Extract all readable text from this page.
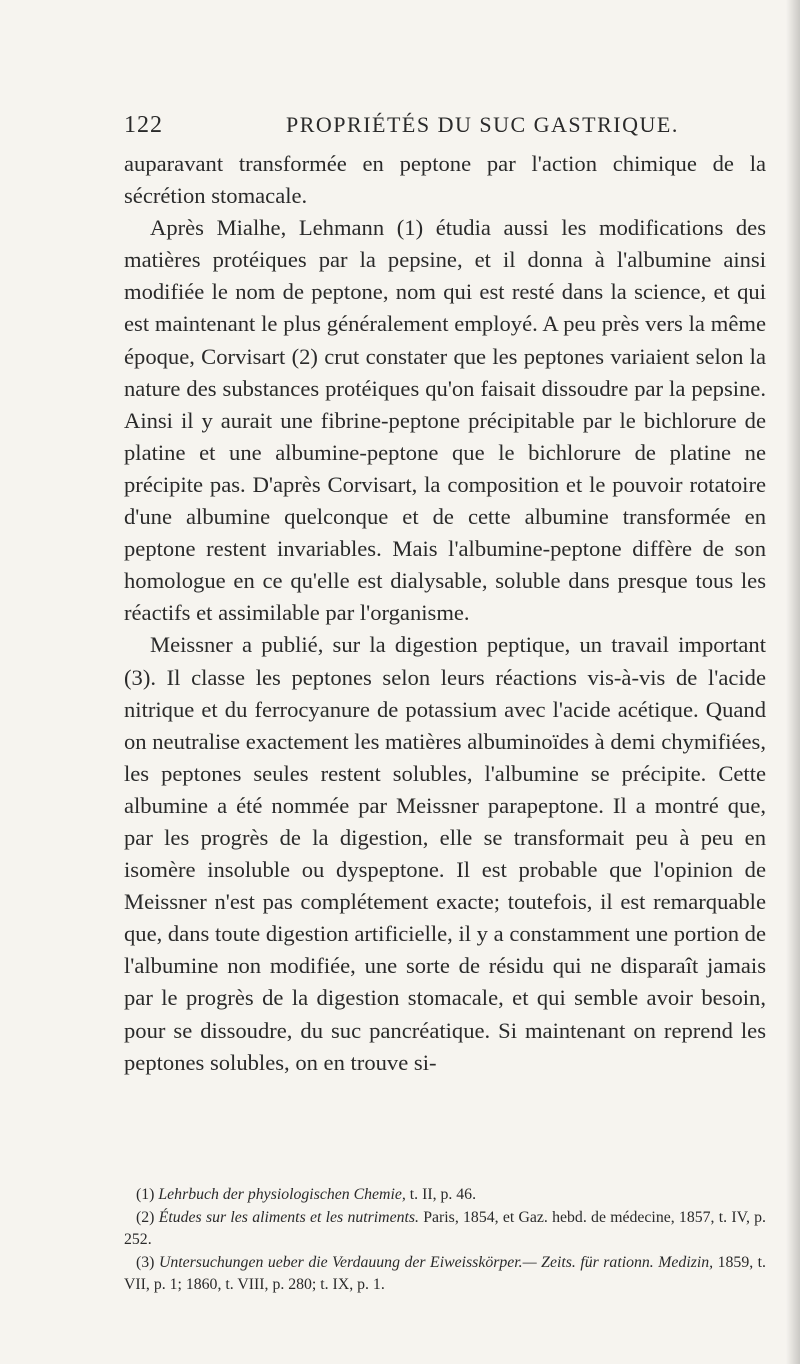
122	PROPRIÉTÉS DU SUC GASTRIQUE.

auparavant transformée en peptone par l'action chimique de la sécrétion stomacale.

Après Mialhe, Lehmann (1) étudia aussi les modifications des matières protéiques par la pepsine, et il donna à l'albumine ainsi modifiée le nom de peptone, nom qui est resté dans la science, et qui est maintenant le plus généralement employé. A peu près vers la même époque, Corvisart (2) crut constater que les peptones variaient selon la nature des substances protéiques qu'on faisait dissoudre par la pepsine. Ainsi il y aurait une fibrine-peptone précipitable par le bichlorure de platine et une albumine-peptone que le bichlorure de platine ne précipite pas. D'après Corvisart, la composition et le pouvoir rotatoire d'une albumine quelconque et de cette albumine transformée en peptone restent invariables. Mais l'albumine-peptone diffère de son homologue en ce qu'elle est dialysable, soluble dans presque tous les réactifs et assimilable par l'organisme.

Meissner a publié, sur la digestion peptique, un travail important (3). Il classe les peptones selon leurs réactions vis-à-vis de l'acide nitrique et du ferrocyanure de potassium avec l'acide acétique. Quand on neutralise exactement les matières albuminoïdes à demi chymifiées, les peptones seules restent solubles, l'albumine se précipite. Cette albumine a été nommée par Meissner parapeptone. Il a montré que, par les progrès de la digestion, elle se transformait peu à peu en isomère insoluble ou dyspeptone. Il est probable que l'opinion de Meissner n'est pas complétement exacte; toutefois, il est remarquable que, dans toute digestion artificielle, il y a constamment une portion de l'albumine non modifiée, une sorte de résidu qui ne disparaît jamais par le progrès de la digestion stomacale, et qui semble avoir besoin, pour se dissoudre, du suc pancréatique. Si maintenant on reprend les peptones solubles, on en trouve si-

(1) Lehrbuch der physiologischen Chemie, t. II, p. 46.

(2) Études sur les aliments et les nutriments. Paris, 1854, et Gaz. hebd. de médecine, 1857, t. IV, p. 252.

(3) Untersuchungen ueber die Verdauung der Eiweisskörper.— Zeits. für rationn. Medizin, 1859, t. VII, p. 1; 1860, t. VIII, p. 280; t. IX, p. 1.
